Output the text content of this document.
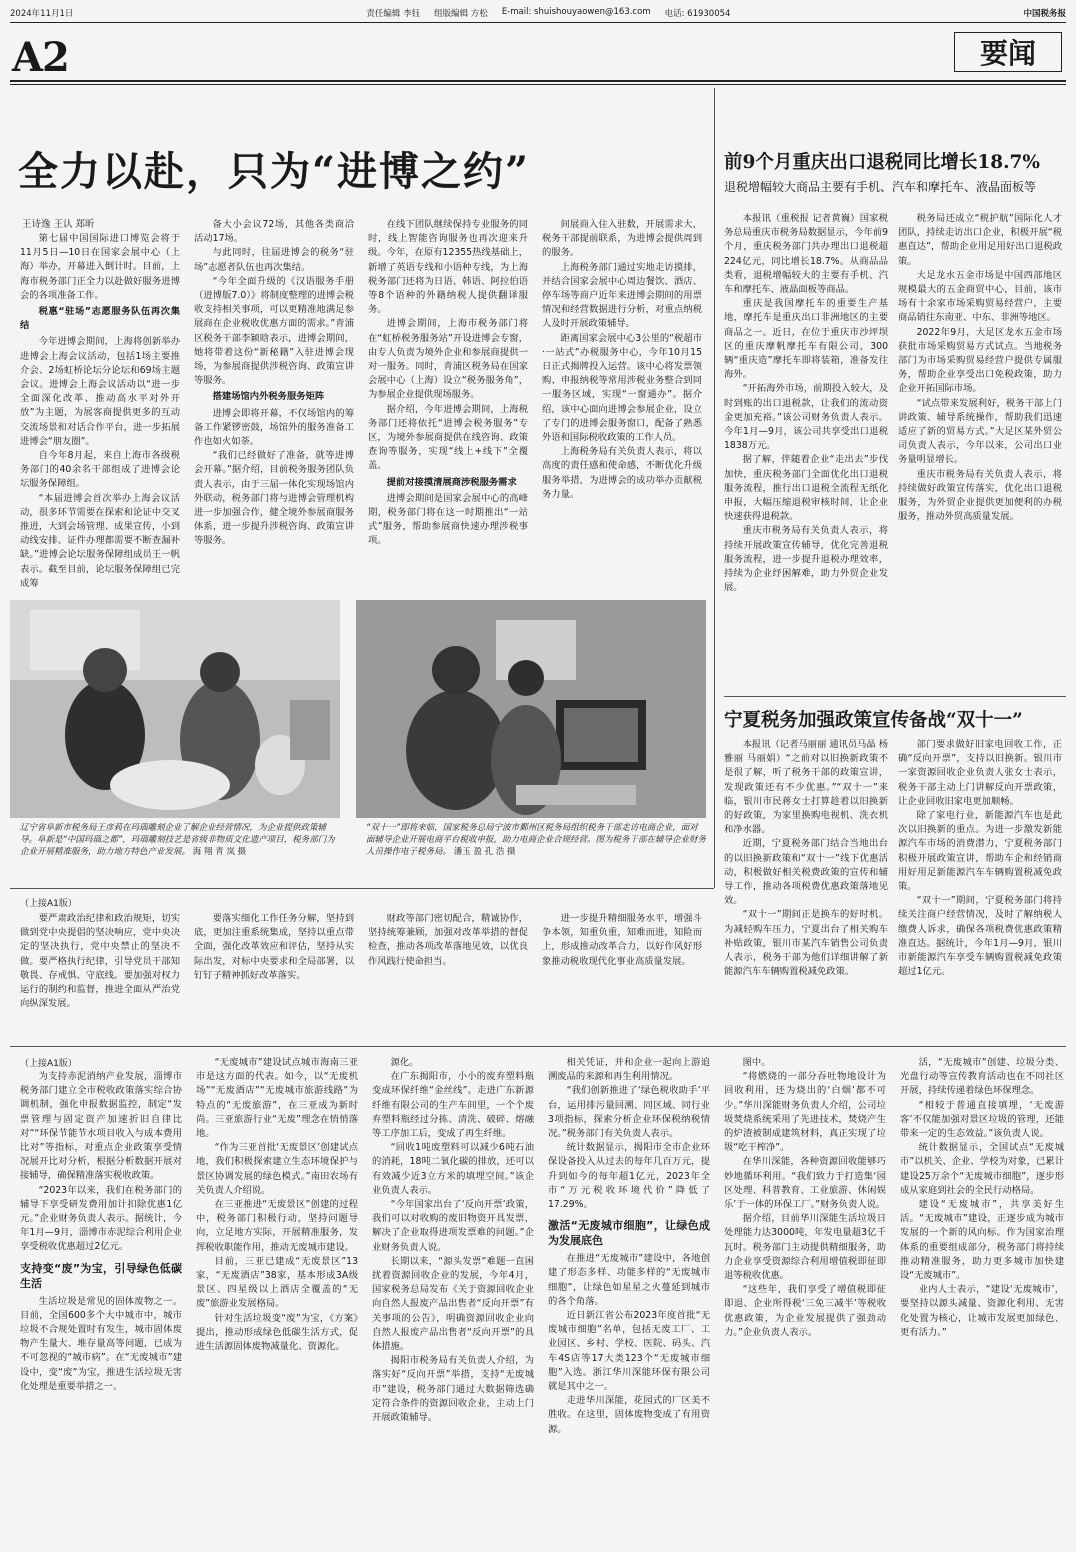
2024年11月1日	责任编辑 李钰 组版编辑 方松 E-mail: shuishouyaowen@163.com 电话: 61930054	中国税务报
A2	要闻
全力以赴，只为“进博之约”
王诗逸 王认 郑昕

第七届中国国际进口博览会将于11月5日—10日在国家会展中心（上海）举办，开幕进入倒计时。目前，上海市税务部门正全力以赴做好服务进博会的各项准备工作。

税惠“驻场”志愿服务队伍再次集结

今年进博会期间，上海将创新举办进博会上海会议活动，包括1场主要推介会、2场虹桥论坛分论坛和69场主题会议。进博会上海会议活动以“进一步全面深化改革、推动高水平对外开放”为主题，为展客商提供更多的互动交流场景和对话合作平台，进一步拓展进博会“朋友圈”。

自今年8月起，来自上海市各级税务部门的40余名干部组成了进博会论坛服务保障组。

“本届进博会首次举办上海会议活动，很多环节需要在探索和论证中交叉推进，大到会场管理、成果宣传，小到动线安排、证件办理都需要不断查漏补缺。”进博会论坛服务保障组成员王一帆表示。截至目前，论坛服务保障组已完成筹

备大小会议72场，其他各类商洽活动17场。

与此同时，往届进博会的税务“驻场”志愿者队伍也再次集结。

“今年全面升级的《汉语服务手册（进博版7.0）》将制度整理的进博会税收支持相关事项，可以更精准地满足参展商在企业税收优惠方面的需求。”青浦区税务干部李颖晗表示，进博会期间，她将带着这份“新秘籍”入驻进博会现场，为参展商提供涉税咨询、政策宣讲等服务。

搭建场馆内外税务服务矩阵

进博会即将开幕，不仅场馆内的筹备工作紧锣密鼓，场馆外的服务准备工作也如火如荼。

“我们已经做好了准备，就等进博会开幕。”据介绍，目前税务服务团队负责人表示，由于三届一体化实现场馆内外联动，税务部门将与进博会管理机构进一步加强合作，健全境外参展商服务体系，进一步提升涉税咨询、政策宣讲等服务。

在线下团队继续保持专业服务的同时，线上智能咨询服务也再次迎来升级。今年，在原有12355热线基础上，新增了英语专线和小语种专线，为上海税务部门还将为日语、韩语、阿拉伯语等8个语种的外籍纳税人提供翻译服务。

进博会期间，上海市税务部门将在“虹桥税务服务站”开设进博会专窗，由专人负责为境外企业和参展商提供一对一服务。同时，青浦区税务局在国家会展中心（上海）设立“税务服务角”，为参展企业提供现场服务。

据介绍，今年进博会期间，上海税务部门还将依托“进博会税务服务”专区，为境外参展商提供在线咨询、政策查询等服务，实现“线上+线下”全覆盖。

提前对接摸清展商涉税服务需求

进博会期间是国家会展中心的高峰期，税务部门将在这一时期推出“一站式”服务，帮助参展商快速办理涉税事项。

间展商入住入驻数，开展需求大，税务干部提前联系，为进博会提供周到的服务。

上海税务部门通过实地走访摸排，并结合国家会展中心周边餐饮、酒店、停车场等商户近年来进博会期间的用票情况和经营数据进行分析，对重点纳税人及时开展政策辅导。

距离国家会展中心3公里的“税超市·一站式”办税服务中心，今年10月15日正式揭牌投入运营。该中心将发票领购、申报纳税等常用涉税业务整合到同一服务区域，实现“一窗通办”。据介绍，该中心面向进博会参展企业，设立了专门的进博会服务窗口，配备了熟悉外语和国际税收政策的工作人员。

上海税务局有关负责人表示，将以高度的责任感和使命感，不断优化升级服务举措，为进博会的成功举办贡献税务力量。

前9个月重庆出口退税同比增长18.7%
退税增幅较大商品主要有手机、汽车和摩托车、液晶面板等

本报讯（重税报 记者黄巍）国家税务总局重庆市税务局数据显示，今年前9个月，重庆税务部门共办理出口退税超224亿元，同比增长18.7%。从商品品类看，退税增幅较大的主要有手机、汽车和摩托车、液晶面板等商品。

重庆是我国摩托车的重要生产基地，摩托车是重庆出口非洲地区的主要商品之一。近日，在位于重庆市沙坪坝区的重庆摩帆摩托车有限公司，300辆“重庆造”摩托车即将装箱，准备发往海外。

“开拓海外市场，前期投入较大，及时到账的出口退税款，让我们的流动资金更加充裕。”该公司财务负责人表示。今年1月—9月，该公司共享受出口退税1838万元。

据了解，伴随着企业“走出去”步伐加快，重庆税务部门全面优化出口退税服务流程，推行出口退税全流程无纸化申报，大幅压缩退税审核时间，让企业快速获得退税款。

重庆市税务局有关负责人表示，将持续开展政策宣传辅导，优化完善退税服务流程，进一步提升退税办理效率，持续为企业纾困解难，助力外贸企业发展。

税务局还成立“税护航”国际化人才团队，持续走访出口企业，积极开展“税惠直达”，帮助企业用足用好出口退税政策。

大足龙水五金市场是中国西部地区规模最大的五金商贸中心，目前，该市场有十余家市场采购贸易经营户，主要商品销往东南亚、中东、非洲等地区。

2022年9月，大足区龙水五金市场获批市场采购贸易方式试点。当地税务部门为市场采购贸易经营户提供专属服务，帮助企业享受出口免税政策，助力企业开拓国际市场。

“试点带来发展利好，税务干部上门讲政策、辅导系统操作，帮助我们迅速适应了新的贸易方式。”大足区某外贸公司负责人表示，今年以来，公司出口业务量明显增长。

重庆市税务局有关负责人表示，将持续做好政策宣传落实，优化出口退税服务，为外贸企业提供更加便利的办税服务，推动外贸高质量发展。

宁夏税务加强政策宣传备战“双十一”

本报讯（记者马丽丽 通讯员马晶 杨雅丽 马丽娟）“之前对以旧换新政策不是很了解，听了税务干部的政策宣讲，发现政策还有不少优惠。”“双十一”来临，银川市民蒋女士打算趁着以旧换新的好政策，为家里换购电视机、洗衣机和净水器。

近期，宁夏税务部门结合当地出台的以旧换新政策和“双十一”线下优惠活动，积极做好相关税费政策的宣传和辅导工作，推动各项税费优惠政策落地见效。

“双十一”期间正是换车的好时机。为减轻购车压力，宁夏出台了相关购车补贴政策，银川市某汽车销售公司负责人表示，税务干部为他们详细讲解了新能源汽车车辆购置税减免政策。

部门要求做好旧家电回收工作，正确“反向开票”，支持以旧换新。银川市一家资源回收企业负责人张女士表示，税务干部主动上门讲解反向开票政策，让企业回收旧家电更加顺畅。

除了家电行业，新能源汽车也是此次以旧换新的重点。为进一步激发新能源汽车市场的消费潜力，宁夏税务部门积极开展政策宣讲，帮助车企和经销商用好用足新能源汽车车辆购置税减免政策。

“双十一”期间，宁夏税务部门将持续关注商户经营情况，及时了解纳税人缴费人诉求，确保各项税费优惠政策精准直达。据统计，今年1月—9月，银川市新能源汽车享受车辆购置税减免政策超过1亿元。

辽宁省阜新市税务局王彦莉在玛瑙雕刻企业了解企业经营情况，为企业提供政策辅导。阜新是“中国玛瑙之都”，玛瑙雕刻技艺是省级非物质文化遗产项目，税务部门为企业开展精准服务，助力地方特色产业发展。 海 翔 青 岚 摄
“双十一”即将来临，国家税务总局宁波市鄞州区税务局组织税务干部走访电商企业，面对面辅导企业开展电商平台税收申报，助力电商企业合规经营。图为税务干部在辅导企业财务人员操作电子税务局。 潘玉 盈 孔 浩 摄
（上接A1版）

要严肃政治纪律和政治规矩，切实做到党中央提倡的坚决响应，党中央决定的坚决执行，党中央禁止的坚决不做。要严格执行纪律，引导党员干部知敬畏、存戒惧、守底线。要加强对权力运行的制约和监督，推进全面从严治党向纵深发展。

要落实细化工作任务分解，坚持到底，更加注重系统集成，坚持以重点带全面，强化改革效应和评估，坚持从实际出发，对标中央要求和全局部署，以钉钉子精神抓好改革落实。

财政等部门密切配合，精诚协作，坚持统筹兼顾，加强对改革举措的督促检查，推动各项改革落地见效，以优良作风践行使命担当。

进一步提升精细服务水平，增强斗争本领，知重负重，知难而进，知险而上，形成推动改革合力，以好作风好形象推动税收现代化事业高质量发展。

（上接A1版）

为支持赤泥消纳产业发展，淄博市税务部门建立全市税收政策落实综合协调机制，强化申报数据监控，制定“发票管理与固定资产加速折旧自律比对”“环保节能节水项目收入与成本费用比对”等指标，对重点企业政策享受情况展开比对分析，根据分析数据开展对接辅导，确保精准落实税收政策。

“2023年以来，我们在税务部门的辅导下享受研发费用加计扣除优惠1亿元。”企业财务负责人表示。据统计，今年1月—9月，淄博市赤泥综合利用企业享受税收优惠超过2亿元。

支持变“废”为宝，引导绿色低碳生活

生活垃圾是常见的固体废物之一。目前，全国600多个大中城市中，城市垃圾不合规处置时有发生，城市固体废物产生量大、堆存量高等问题，已成为不可忽视的“城市病”。在“无废城市”建设中，变“废”为宝，推进生活垃圾无害化处理是重要举措之一。

“无废城市”建设试点城市海南三亚市是这方面的代表。如今，以“无废机场”“无废酒店”“无废城市旅游线路”为特点的“无废旅游”，在三亚成为新时尚。三亚旅游行业“无废”理念在悄悄落地。

“作为三亚首批‘无废景区’创建试点地，我们积极探索建立生态环境保护与景区协调发展的绿色模式。”南田农场有关负责人介绍说。

在三亚推进“无废景区”创建的过程中，税务部门积极行动，坚持问题导向，立足地方实际，开展精准服务，发挥税收职能作用，推动无废城市建设。

目前，三亚已建成“无废景区”13家，“无废酒店”38家，基本形成3A级景区、四星级以上酒店全覆盖的“无废”旅游业发展格局。

针对生活垃圾变“废”为宝，《方案》提出，推动形成绿色低碳生活方式，促进生活源固体废物减量化、资源化。

源化。

在广东揭阳市，小小的废弃塑料瓶变成环保纤维“金丝线”。走进广东新源纤维有限公司的生产车间里，一个个废弃塑料瓶经过分拣、清洗、破碎、熔融等工序加工后，变成了再生纤维。

“回收1吨废塑料可以减少6吨石油的消耗，18吨二氧化碳的排放，还可以有效减少近3立方米的填埋空间。”该企业负责人表示。

“今年国家出台了‘反向开票’政策，我们可以对收购的废旧物资开具发票，解决了企业取得进项发票难的问题。”企业财务负责人说。

长期以来，“源头发票”难题一直困扰着资源回收企业的发展，今年4月，国家税务总局发布《关于资源回收企业向自然人报废产品出售者“反向开票”有关事项的公告》，明确资源回收企业向自然人报废产品出售者“反向开票”的具体措施。

揭阳市税务局有关负责人介绍，为落实好“反向开票”举措，支持“无废城市”建设，税务部门通过大数据筛选确定符合条件的资源回收企业，主动上门开展政策辅导。

相关凭证，并和企业一起向上游追溯废品的来源和再生利用情况。

“我们创新推进了‘绿色税收助手’平台，运用排污量回溯、同区域、同行业3项指标，探索分析企业环保税纳税情况。”税务部门有关负责人表示。

统计数据显示，揭阳市全市企业环保设备投入从过去的每年几百万元，提升到如今的每年超1亿元，2023年全市“万元税收环境代价”降低了17.29%。

激活“无废城市细胞”，让绿色成为发展底色

在推进“无废城市”建设中，各地创建了形态多样、功能多样的“无废城市细胞”，让绿色如星星之火蔓延到城市的各个角落。

近日新江省公布2023年度首批“无废城市细胞”名单，包括无废工厂、工业园区、乡村、学校、医院、码头、汽车4S店等17大类123个“无废城市细胞”入选。浙江华川深能环保有限公司就是其中之一。

走进华川深能，花园式的厂区美不胜收。在这里，固体废物变成了有用资源。

图中。

“将燃烧的一部分吞吐物地设计为回收利用，还为烧出的‘白烟’都不可少。”华川深能财务负责人介绍，公司垃圾焚烧系统采用了先进技术，焚烧产生的炉渣被制成建筑材料，真正实现了垃圾“吃干榨净”。

在华川深能，各种资源回收能够巧妙地循环利用。“我们致力于打造集‘园区处理、科普教育、工业旅游、休闲娱乐’于一体的环保工厂。”财务负责人说。

据介绍，目前华川深能生活垃圾日处理能力达3000吨，年发电量超3亿千瓦时。税务部门主动提供精细服务，助力企业享受资源综合利用增值税即征即退等税收优惠。

“这些年，我们享受了增值税即征即退、企业所得税‘三免三减半’等税收优惠政策，为企业发展提供了强劲动力。”企业负责人表示。

活，“无废城市”创建、垃圾分类、光盘行动等宣传教育活动也在不同社区开展，持续传递着绿色环保理念。

“相较于普通直接填埋，‘无废游客’不仅能加强对景区垃圾的管理，还能带来一定的生态效益。”该负责人说。

统计数据显示，全国试点“无废城市”以机关、企业、学校为对象，已累计建设25万余个“无废城市细胞”，逐步形成从家庭到社会的全民行动格局。

建设“无废城市”，共享美好生活。“无废城市”建设，正逐步成为城市发展的一个新的风向标。作为国家治理体系的重要组成部分，税务部门将持续推动精准服务，助力更多城市加快建设“无废城市”。

业内人士表示，“建设‘无废城市’，要坚持以源头减量、资源化利用、无害化处置为核心，让城市发展更加绿色、更有活力。”
